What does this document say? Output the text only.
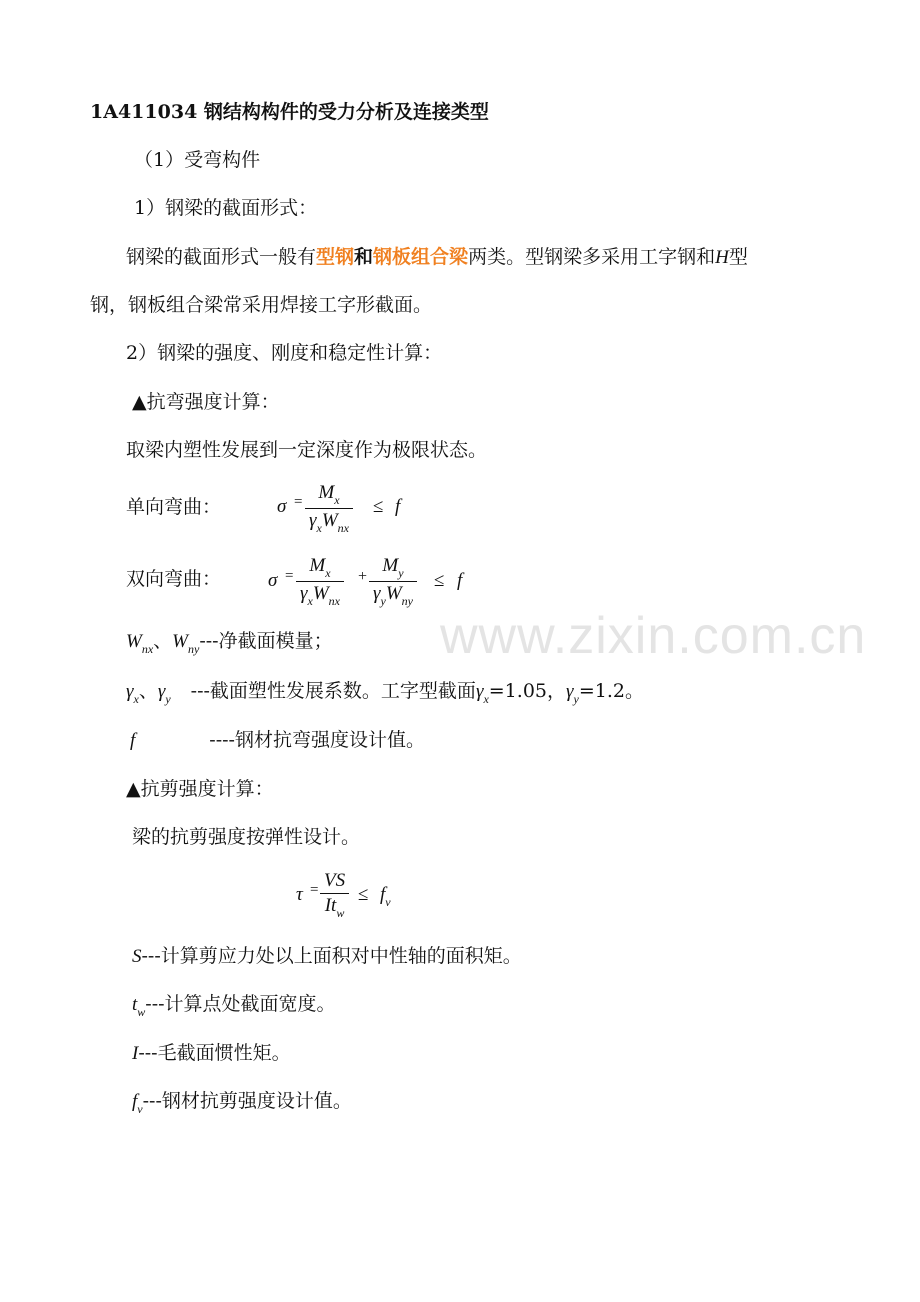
www.zixin.com.cn
1A411034 钢结构构件的受力分析及连接类型
（1）受弯构件
1）钢梁的截面形式：
钢梁的截面形式一般有型钢和钢板组合梁两类。型钢梁多采用工字钢和H型
钢，钢板组合梁常采用焊接工字形截面。
2）钢梁的强度、刚度和稳定性计算：
▲抗弯强度计算：
取梁内塑性发展到一定深度作为极限状态。
单向弯曲：	$\sigma = M_x$
$\gamma_xW_{nx}$
≤ f
双向弯曲： $\sigma = M_x$
$\gamma_xW_{nx}$
+
$M_y$
$\gamma_yW_{ny}$
≤ f
$W_{nx}$、$W_{ny}---$净截面模量；
$\gamma_x$、$\gamma_y$ ---截面塑性发展系数。工字型截面$\gamma_x=1.05$，$\gamma_y=1.2$。
f	----钢材抗弯强度设计值。
▲抗剪强度计算：
梁的抗剪强度按弹性设计。
τ = VS
$It_w$
≤ $f_v$
S---计算剪应力处以上面积对中性轴的面积矩。
$t_w---$计算点处截面宽度。
I---毛截面惯性矩。
$f_v---$钢材抗剪强度设计值。
